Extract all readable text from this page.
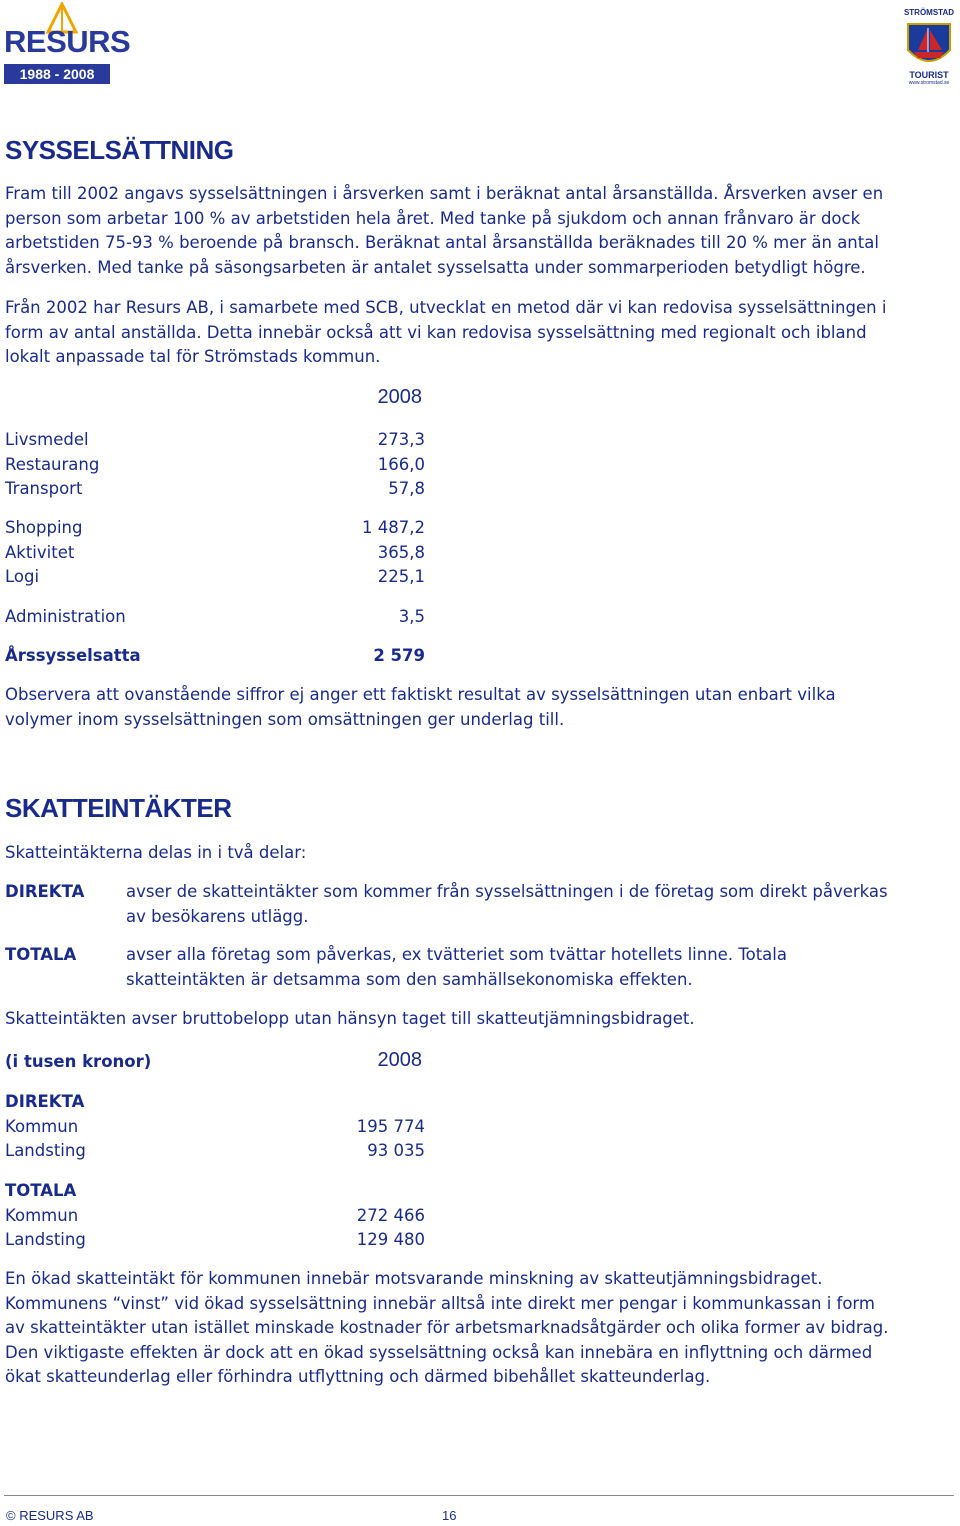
RESURS
1988 - 2008
STRÖMSTAD
TOURIST
www.stromstad.se
SYSSELSÄTTNING
Fram till 2002 angavs sysselsättningen i årsverken samt i beräknat antal årsanställda. Årsverken avser en
person som arbetar 100 % av arbetstiden hela året. Med tanke på sjukdom och annan frånvaro är dock
arbetstiden 75-93 % beroende på bransch. Beräknat antal årsanställda beräknades till 20 % mer än antal
årsverken. Med tanke på säsongsarbeten är antalet sysselsatta under sommarperioden betydligt högre.
Från 2002 har Resurs AB, i samarbete med SCB, utvecklat en metod där vi kan redovisa sysselsättningen i
form av antal anställda. Detta innebär också att vi kan redovisa sysselsättning med regionalt och ibland
lokalt anpassade tal för Strömstads kommun.
2008
Livsmedel	273,3
Restaurang	166,0
Transport	57,8
Shopping	1 487,2
Aktivitet	365,8
Logi	225,1
Administration	3,5
Årssysselsatta	2 579
Observera att ovanstående siffror ej anger ett faktiskt resultat av sysselsättningen utan enbart vilka
volymer inom sysselsättningen som omsättningen ger underlag till.
SKATTEINTÄKTER
Skatteintäkterna delas in i två delar:
DIREKTA	avser de skatteintäkter som kommer från sysselsättningen i de företag som direkt påverkas
av besökarens utlägg.
TOTALA	avser alla företag som påverkas, ex tvätteriet som tvättar hotellets linne. Totala
skatteintäkten är detsamma som den samhällsekonomiska effekten.
Skatteintäkten avser bruttobelopp utan hänsyn taget till skatteutjämningsbidraget.
(i tusen kronor)	2008
DIREKTA
Kommun	195 774
Landsting	93 035
TOTALA
Kommun	272 466
Landsting	129 480
En ökad skatteintäkt för kommunen innebär motsvarande minskning av skatteutjämningsbidraget.
Kommunens “vinst” vid ökad sysselsättning innebär alltså inte direkt mer pengar i kommunkassan i form
av skatteintäkter utan istället minskade kostnader för arbetsmarknadsåtgärder och olika former av bidrag.
Den viktigaste effekten är dock att en ökad sysselsättning också kan innebära en inflyttning och därmed
ökat skatteunderlag eller förhindra utflyttning och därmed bibehållet skatteunderlag.
© RESURS AB	16
